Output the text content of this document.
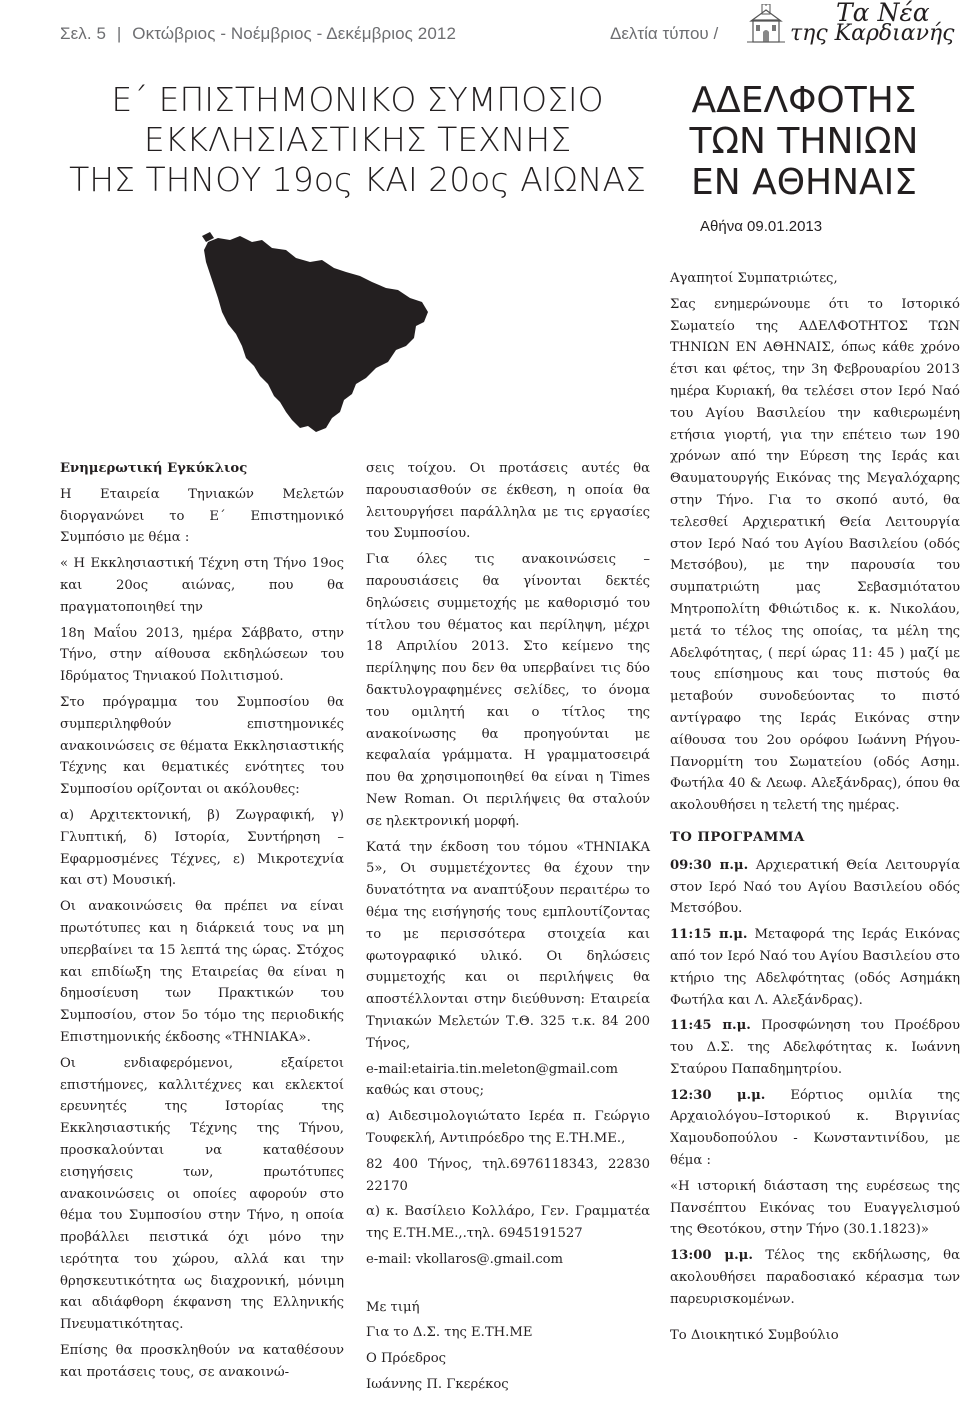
Σελ. 5 | Οκτώβριος - Νοέμβριος - Δεκέμβριος 2012	Δελτία τύπου /
Τα Νέα
της Καρδιανής
Ε΄ ΕΠΙΣΤΗΜΟΝΙΚΟ ΣΥΜΠΟΣΙΟ
ΕΚΚΛΗΣΙΑΣΤΙΚΗΣ ΤΕΧΝΗΣ
ΤΗΣ ΤΗΝΟΥ 19ος ΚΑΙ 20ος ΑΙΩΝΑΣ
ΑΔΕΛΦΟΤΗΣ
ΤΩΝ ΤΗΝΙΩΝ
ΕΝ ΑΘΗΝΑΙΣ
Αθήνα 09.01.2013

Ενημερωτική Εγκύκλιος

Η Εταιρεία Τηνιακών Μελετών διοργανώνει το Ε΄ Επιστημονικό Συμπόσιο με θέμα :

« Η Εκκλησιαστική Τέχνη στη Τήνο 19ος και 20ος αιώνας, που θα πραγματοποιηθεί την

18η Μαΐου 2013, ημέρα Σάββατο, στην Τήνο, στην αίθουσα εκδηλώσεων του Ιδρύματος Τηνιακού Πολιτισμού.

Στο πρόγραμμα του Συμποσίου θα συμπεριληφθούν επιστημονικές ανακοινώσεις σε θέματα Εκκλησιαστικής Τέχνης και θεματικές ενότητες του Συμποσίου ορίζονται οι ακόλουθες:

α) Αρχιτεκτονική, β) Ζωγραφική, γ) Γλυπτική, δ) Ιστορία, Συντήρηση – Εφαρμοσμένες Τέχνες, ε) Μικροτεχνία και στ) Μουσική.

Οι ανακοινώσεις θα πρέπει να είναι πρωτότυπες και η διάρκειά τους να μη υπερβαίνει τα 15 λεπτά της ώρας. Στόχος και επιδίωξη της Εταιρείας θα είναι η δημοσίευση των Πρακτικών του Συμποσίου, στον 5ο τόμο της περιοδικής Επιστημονικής έκδοσης «ΤΗΝΙΑΚΑ».

Οι ενδιαφερόμενοι, εξαίρετοι επιστήμονες, καλλιτέχνες και εκλεκτοί ερευνητές της Ιστορίας της Εκκλησιαστικής Τέχνης της Τήνου, προσκαλούνται να καταθέσουν εισηγήσεις των, πρωτότυπες ανακοινώσεις οι οποίες αφορούν στο θέμα του Συμποσίου στην Τήνο, η οποία προβάλλει πειστικά όχι μόνο την ιερότητα του χώρου, αλλά και την θρησκευτικότητα ως διαχρονική, μόνιμη και αδιάφθορη έκφανση της Ελληνικής Πνευματικότητας.

Επίσης θα προσκληθούν να καταθέσουν και προτάσεις τους, σε ανακοινώ-

σεις τοίχου. Οι προτάσεις αυτές θα παρουσιασθούν σε έκθεση, η οποία θα λειτουργήσει παράλληλα με τις εργασίες του Συμποσίου.

Για όλες τις ανακοινώσεις –παρουσιάσεις θα γίνονται δεκτές δηλώσεις συμμετοχής με καθορισμό του τίτλου του θέματος και περίληψη, μέχρι 18 Απριλίου 2013. Στο κείμενο της περίληψης που δεν θα υπερβαίνει τις δύο δακτυλογραφημένες σελίδες, το όνομα του ομιλητή και ο τίτλος της ανακοίνωσης θα προηγούνται με κεφαλαία γράμματα. Η γραμματοσειρά που θα χρησιμοποιηθεί θα είναι η Times New Roman. Οι περιλήψεις θα σταλούν σε ηλεκτρονική μορφή.

Κατά την έκδοση του τόμου «ΤΗΝΙΑΚΑ 5», Οι συμμετέχοντες θα έχουν την δυνατότητα να αναπτύξουν περαιτέρω το θέμα της εισήγησής τους εμπλουτίζοντας το με περισσότερα στοιχεία και φωτογραφικό υλικό. Οι δηλώσεις συμμετοχής και οι περιλήψεις θα αποστέλλονται στην διεύθυνση: Εταιρεία Τηνιακών Μελετών Τ.Θ. 325 τ.κ. 84 200 Τήνος,

e-mail:etairia.tin.meleton@gmail.com καθώς και στους;

α) Αιδεσιμολογιώτατο Ιερέα π. Γεώργιο Τουφεκλή, Αντιπρόεδρο της Ε.ΤΗ.ΜΕ.,

82 400 Τήνος, τηλ.6976118343, 22830 22170

α) κ. Βασίλειο Κολλάρο, Γεν. Γραμματέα της Ε.ΤΗ.ΜΕ.,.τηλ. 6945191527

e-mail: vkollaros@.gmail.com

Με τιμή

Για το Δ.Σ. της Ε.ΤΗ.ΜΕ

Ο Πρόεδρος

Ιωάννης Π. Γκερέκος

Αγαπητοί Συμπατριώτες,

Σας ενημερώνουμε ότι το Ιστορικό Σωματείο της ΑΔΕΛΦΟΤΗΤΟΣ ΤΩΝ ΤΗΝΙΩΝ ΕΝ ΑΘΗΝΑΙΣ, όπως κάθε χρόνο έτσι και φέτος, την 3η Φεβρουαρίου 2013 ημέρα Κυριακή, θα τελέσει στον Ιερό Ναό του Αγίου Βασιλείου την καθιερωμένη ετήσια γιορτή, για την επέτειο των 190 χρόνων από την Εύρεση της Ιεράς και Θαυματουργής Εικόνας της Μεγαλόχαρης στην Τήνο. Για το σκοπό αυτό, θα τελεσθεί Αρχιερατική Θεία Λειτουργία στον Ιερό Ναό του Αγίου Βασιλείου (οδός Μετσόβου), με την παρουσία του συμπατριώτη μας Σεβασμιότατου Μητροπολίτη Φθιώτιδος κ. κ. Νικολάου, μετά το τέλος της οποίας, τα μέλη της Αδελφότητας, ( περί ώρας 11: 45 ) μαζί με τους επίσημους και τους πιστούς θα μεταβούν συνοδεύοντας το πιστό αντίγραφο της Ιεράς Εικόνας στην αίθουσα του 2ου ορόφου Ιωάννη Ρήγου-Πανορμίτη του Σωματείου (οδός Ασημ. Φωτήλα 40 & Λεωφ. Αλεξάνδρας), όπου θα ακολουθήσει η τελετή της ημέρας.

ΤΟ ΠΡΟΓΡΑΜΜΑ

09:30 π.μ. Αρχιερατική Θεία Λειτουργία στον Ιερό Ναό του Αγίου Βασιλείου οδός Μετσόβου.

11:15 π.μ. Μεταφορά της Ιεράς Εικόνας από τον Ιερό Ναό του Αγίου Βασιλείου στο κτήριο της Αδελφότητας (οδός Ασημάκη Φωτήλα και Λ. Αλεξάνδρας).

11:45 π.μ. Προσφώνηση του Προέδρου του Δ.Σ. της Αδελφότητας κ. Ιωάννη Σταύρου Παπαδημητρίου.

12:30 μ.μ. Εόρτιος ομιλία της Αρχαιολόγου–Ιστορικού κ. Βιργινίας Χαμουδοπούλου - Κωνσταντινίδου, με θέμα :

«Η ιστορική διάσταση της ευρέσεως της Πανσέπτου Εικόνας του Ευαγγελισμού της Θεοτόκου, στην Τήνο (30.1.1823)»

13:00 μ.μ. Τέλος της εκδήλωσης, θα ακολουθήσει παραδοσιακό κέρασμα των παρευρισκομένων.

Το Διοικητικό Συμβούλιο
